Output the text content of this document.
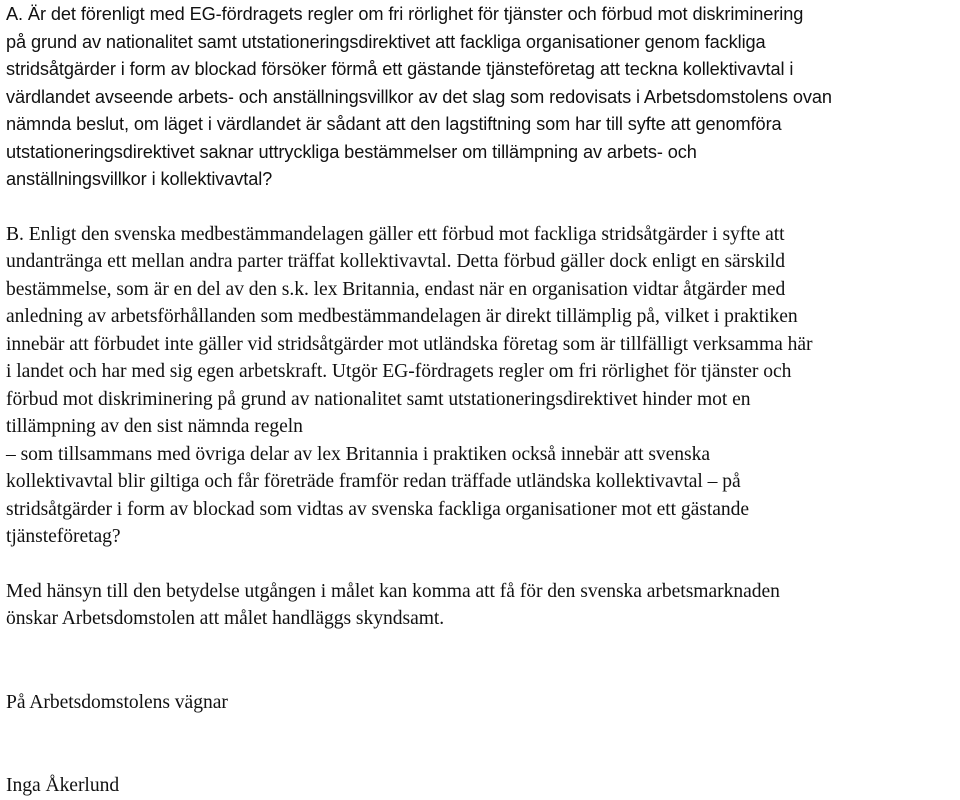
A. Är det förenligt med EG-fördragets regler om fri rörlighet för tjänster och förbud mot diskriminering
på grund av nationalitet samt utstationeringsdirektivet att fackliga organisationer genom fackliga
stridsåtgärder i form av blockad försöker förmå ett gästande tjänsteföretag att teckna kollektivavtal i
värdlandet avseende arbets- och anställningsvillkor av det slag som redovisats i Arbetsdomstolens ovan
nämnda beslut, om läget i värdlandet är sådant att den lagstiftning som har till syfte att genomföra
utstationeringsdirektivet saknar uttryckliga bestämmelser om tillämpning av arbets- och
anställningsvillkor i kollektivavtal?

B. Enligt den svenska medbestämmandelagen gäller ett förbud mot fackliga stridsåtgärder i syfte att
undantränga ett mellan andra parter träffat kollektivavtal. Detta förbud gäller dock enligt en särskild
bestämmelse, som är en del av den s.k. lex Britannia, endast när en organisation vidtar åtgärder med
anledning av arbetsförhållanden som medbestämmandelagen är direkt tillämplig på, vilket i praktiken
innebär att förbudet inte gäller vid stridsåtgärder mot utländska företag som är tillfälligt verksamma här
i landet och har med sig egen arbetskraft. Utgör EG-fördragets regler om fri rörlighet för tjänster och
förbud mot diskriminering på grund av nationalitet samt utstationeringsdirektivet hinder mot en
tillämpning av den sist nämnda regeln
– som tillsammans med övriga delar av lex Britannia i praktiken också innebär att svenska
kollektivavtal blir giltiga och får företräde framför redan träffade utländska kollektivavtal – på
stridsåtgärder i form av blockad som vidtas av svenska fackliga organisationer mot ett gästande
tjänsteföretag?

Med hänsyn till den betydelse utgången i målet kan komma att få för den svenska arbetsmarknaden
önskar Arbetsdomstolen att målet handläggs skyndsamt.

På Arbetsdomstolens vägnar

Inga Åkerlund
